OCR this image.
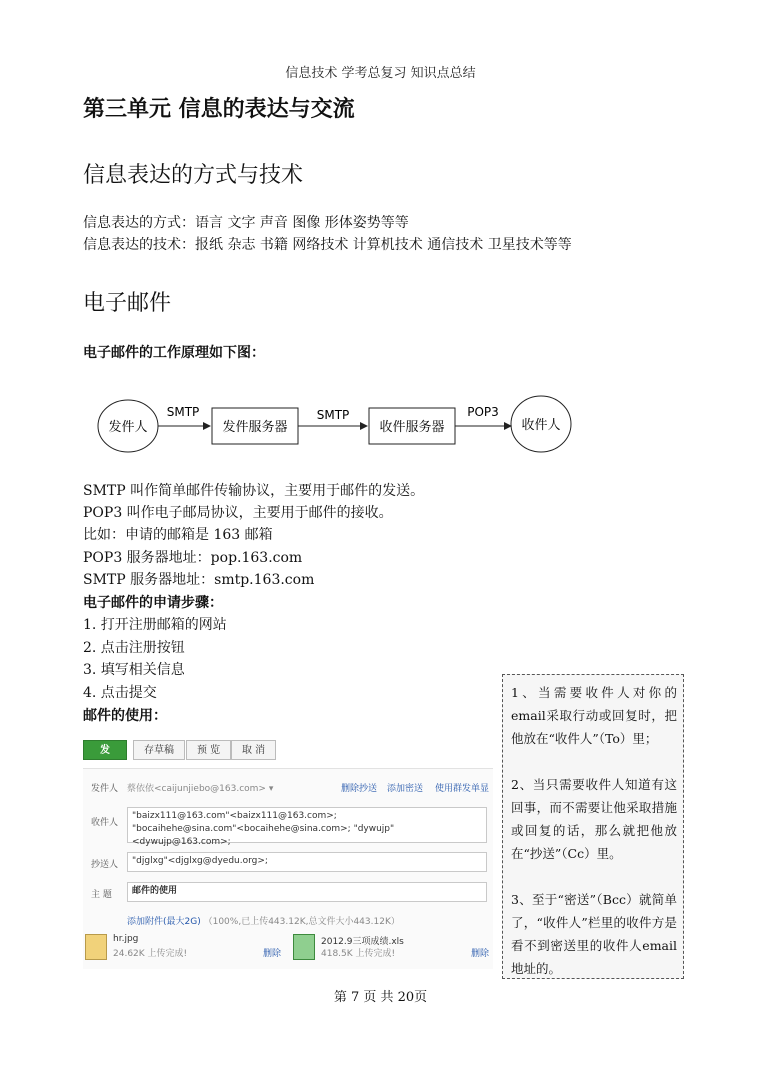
信息技术 学考总复习 知识点总结
第三单元 信息的表达与交流
信息表达的方式与技术
信息表达的方式：语言 文字 声音 图像 形体姿势等等
信息表达的技术：报纸 杂志 书籍 网络技术 计算机技术 通信技术 卫星技术等等
电子邮件
电子邮件的工作原理如下图：
发件人
SMTP
发件服务器
SMTP
收件服务器
POP3
收件人
SMTP 叫作简单邮件传输协议，主要用于邮件的发送。
POP3 叫作电子邮局协议，主要用于邮件的接收。
比如：申请的邮箱是 163 邮箱
POP3 服务器地址：pop.163.com
SMTP 服务器地址：smtp.163.com
电子邮件的申请步骤：
1. 打开注册邮箱的网站
2. 点击注册按钮
3. 填写相关信息
4. 点击提交
邮件的使用：
发	存草稿	预 览	取 消
发件人 蔡依依<caijunjiebo@163.com> ▾	删除抄送 添加密送 使用群发单显
收件人
"baizx111@163.com"<baizx111@163.com>;
"bocaihehe@sina.com"<bocaihehe@sina.com>; "dywujp"<dywujp@163.com>;
抄送人	"djglxg"<djglxg@dyedu.org>;
主 题	邮件的使用
添加附件(最大2G) （100%,已上传443.12K,总文件大小443.12K）
hr.jpg
24.62K 上传完成!	删除
2012.9三项成绩.xls
418.5K 上传完成!	删除

1、当需要收件人对你的email采取行动或回复时，把他放在“收件人”（To）里；

2、当只需要收件人知道有这回事，而不需要让他采取措施或回复的话，那么就把他放在“抄送”（Cc）里。

3、至于“密送”（Bcc）就简单了，“收件人”栏里的收件方是看不到密送里的收件人email地址的。

第 7 页 共 20页
